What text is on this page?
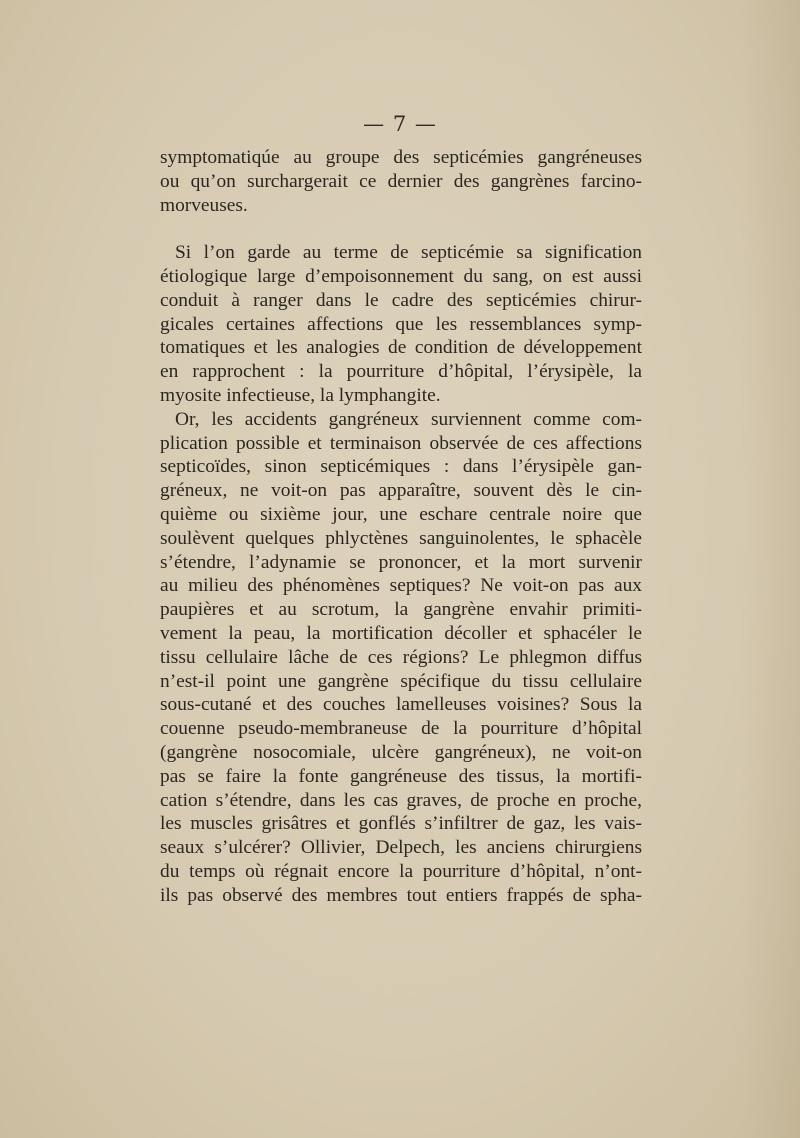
— 7 —
symptomatiqúe au groupe des septicémies gangréneuses
ou qu’on surchargerait ce dernier des gangrènes farcino-
morveuses.
Si l’on garde au terme de septicémie sa signification
étiologique large d’empoisonnement du sang, on est aussi
conduit à ranger dans le cadre des septicémies chirur-
gicales certaines affections que les ressemblances symp-
tomatiques et les analogies de condition de développement
en rapprochent : la pourriture d’hôpital, l’érysipèle, la
myosite infectieuse, la lymphangite.
Or, les accidents gangréneux surviennent comme com-
plication possible et terminaison observée de ces affections
septicoïdes, sinon septicémiques : dans l’érysipèle gan-
gréneux, ne voit-on pas apparaître, souvent dès le cin-
quième ou sixième jour, une eschare centrale noire que
soulèvent quelques phlyctènes sanguinolentes, le sphacèle
s’étendre, l’adynamie se prononcer, et la mort survenir
au milieu des phénomènes septiques? Ne voit-on pas aux
paupières et au scrotum, la gangrène envahir primiti-
vement la peau, la mortification décoller et sphacéler le
tissu cellulaire lâche de ces régions? Le phlegmon diffus
n’est-il point une gangrène spécifique du tissu cellulaire
sous-cutané et des couches lamelleuses voisines? Sous la
couenne pseudo-membraneuse de la pourriture d’hôpital
(gangrène nosocomiale, ulcère gangréneux), ne voit-on
pas se faire la fonte gangréneuse des tissus, la mortifi-
cation s’étendre, dans les cas graves, de proche en proche,
les muscles grisâtres et gonflés s’infiltrer de gaz, les vais-
seaux s’ulcérer? Ollivier, Delpech, les anciens chirurgiens
du temps où régnait encore la pourriture d’hôpital, n’ont-
ils pas observé des membres tout entiers frappés de spha-
